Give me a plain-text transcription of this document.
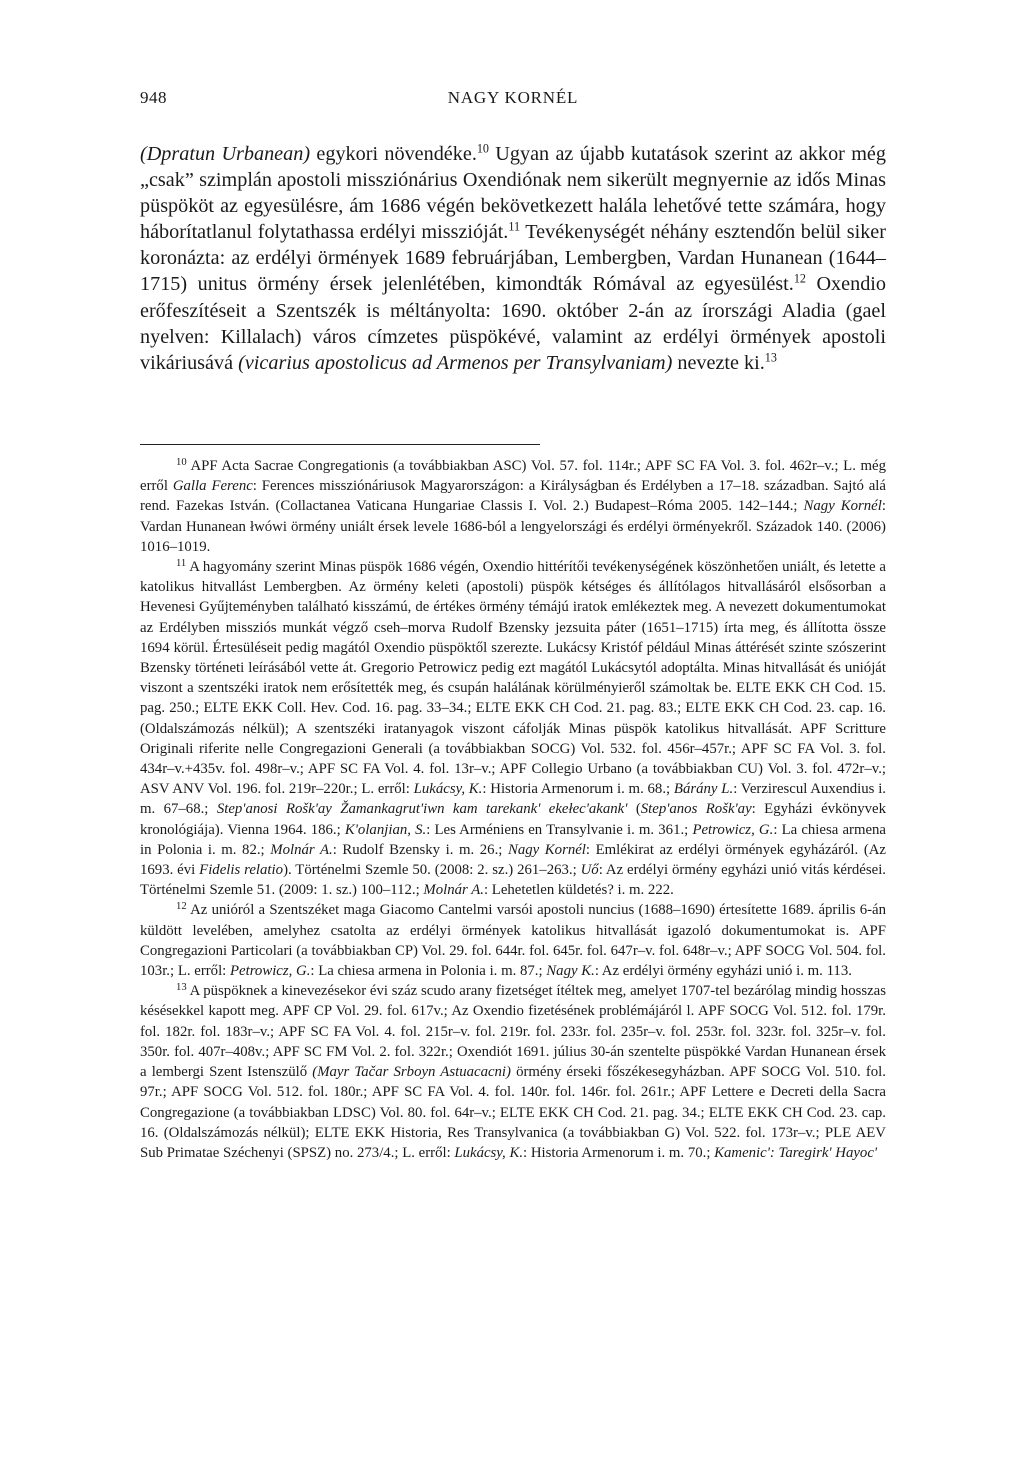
948	NAGY KORNÉL

(Dpratun Urbanean) egykori növendéke.$^{10}$ Ugyan az újabb kutatások szerint az akkor még „csak” szimplán apostoli missziónárius Oxendiónak nem sikerült megnyernie az idős Minas püspököt az egyesülésre, ám 1686 végén bekövetkezett halála lehetővé tette számára, hogy háborítatlanul folytathassa erdélyi misszióját.$^{11}$ Tevékenységét néhány esztendőn belül siker koronázta: az erdélyi örmények 1689 februárjában, Lembergben, Vardan Hunanean (1644–1715) unitus örmény érsek jelenlétében, kimondták Rómával az egyesülést.$^{12}$ Oxendio erőfeszítéseit a Szentszék is méltányolta: 1690. október 2-án az írországi Aladia (gael nyelven: Killalach) város címzetes püspökévé, valamint az erdélyi örmények apostoli vikáriusává (vicarius apostolicus ad Armenos per Transylvaniam) nevezte ki.$^{13}$

$^{10}$ APF Acta Sacrae Congregationis (a továbbiakban ASC) Vol. 57. fol. 114r.; APF SC FA Vol. 3. fol. 462r–v.; L. még erről Galla Ferenc: Ferences missziónáriusok Magyarországon: a Királyságban és Erdélyben a 17–18. században. Sajtó alá rend. Fazekas István. (Collactanea Vaticana Hungariae Classis I. Vol. 2.) Budapest–Róma 2005. 142–144.; Nagy Kornél: Vardan Hunanean łwówi örmény uniált érsek levele 1686-ból a lengyelországi és erdélyi örményekről. Századok 140. (2006) 1016–1019.

$^{11}$ A hagyomány szerint Minas püspök 1686 végén, Oxendio hittérítői tevékenységének köszönhetően uniált, és letette a katolikus hitvallást Lembergben. Az örmény keleti (apostoli) püspök kétséges és állítólagos hitvallásáról elsősorban a Hevenesi Gyűjteményben található kisszámú, de értékes örmény témájú iratok emlékeztek meg. A nevezett dokumentumokat az Erdélyben missziós munkát végző cseh–morva Rudolf Bzensky jezsuita páter (1651–1715) írta meg, és állította össze 1694 körül. Értesüléseit pedig magától Oxendio püspöktől szerezte. Lukácsy Kristóf például Minas áttérését szinte szószerint Bzensky történeti leírásából vette át. Gregorio Petrowicz pedig ezt magától Lukácsytól adoptálta. Minas hitvallását és unióját viszont a szentszéki iratok nem erősítették meg, és csupán halálának körülményieről számoltak be. ELTE EKK CH Cod. 15. pag. 250.; ELTE EKK Coll. Hev. Cod. 16. pag. 33–34.; ELTE EKK CH Cod. 21. pag. 83.; ELTE EKK CH Cod. 23. cap. 16. (Oldalszámozás nélkül); A szentszéki iratanyagok viszont cáfolják Minas püspök katolikus hitvallását. APF Scritture Originali riferite nelle Congregazioni Generali (a továbbiakban SOCG) Vol. 532. fol. 456r–457r.; APF SC FA Vol. 3. fol. 434r–v.+435v. fol. 498r–v.; APF SC FA Vol. 4. fol. 13r–v.; APF Collegio Urbano (a továbbiakban CU) Vol. 3. fol. 472r–v.; ASV ANV Vol. 196. fol. 219r–220r.; L. erről: Lukácsy, K.: Historia Armenorum i. m. 68.; Bárány L.: Verzirescul Auxendius i. m. 67–68.; Step'anosi Rošk'ay Žamankagrut'iwn kam tarekank' ekełec'akank' (Step'anos Rošk'ay: Egyházi évkönyvek kronológiája). Vienna 1964. 186.; K'olanjian, S.: Les Arméniens en Transylvanie i. m. 361.; Petrowicz, G.: La chiesa armena in Polonia i. m. 82.; Molnár A.: Rudolf Bzensky i. m. 26.; Nagy Kornél: Emlékirat az erdélyi örmények egyházáról. (Az 1693. évi Fidelis relatio). Történelmi Szemle 50. (2008: 2. sz.) 261–263.; Uő: Az erdélyi örmény egyházi unió vitás kérdései. Történelmi Szemle 51. (2009: 1. sz.) 100–112.; Molnár A.: Lehetetlen küldetés? i. m. 222.

$^{12}$ Az unióról a Szentszéket maga Giacomo Cantelmi varsói apostoli nuncius (1688–1690) értesítette 1689. április 6-án küldött levelében, amelyhez csatolta az erdélyi örmények katolikus hitvallását igazoló dokumentumokat is. APF Congregazioni Particolari (a továbbiakban CP) Vol. 29. fol. 644r. fol. 645r. fol. 647r–v. fol. 648r–v.; APF SOCG Vol. 504. fol. 103r.; L. erről: Petrowicz, G.: La chiesa armena in Polonia i. m. 87.; Nagy K.: Az erdélyi örmény egyházi unió i. m. 113.

$^{13}$ A püspöknek a kinevezésekor évi száz scudo arany fizetséget ítéltek meg, amelyet 1707-tel bezárólag mindig hosszas késésekkel kapott meg. APF CP Vol. 29. fol. 617v.; Az Oxendio fizetésének problémájáról l. APF SOCG Vol. 512. fol. 179r. fol. 182r. fol. 183r–v.; APF SC FA Vol. 4. fol. 215r–v. fol. 219r. fol. 233r. fol. 235r–v. fol. 253r. fol. 323r. fol. 325r–v. fol. 350r. fol. 407r–408v.; APF SC FM Vol. 2. fol. 322r.; Oxendiót 1691. július 30-án szentelte püspökké Vardan Hunanean érsek a lembergi Szent Istenszülő (Mayr Tačar Srboyn Astuacacni) örmény érseki főszékesegyházban. APF SOCG Vol. 510. fol. 97r.; APF SOCG Vol. 512. fol. 180r.; APF SC FA Vol. 4. fol. 140r. fol. 146r. fol. 261r.; APF Lettere e Decreti della Sacra Congregazione (a továbbiakban LDSC) Vol. 80. fol. 64r–v.; ELTE EKK CH Cod. 21. pag. 34.; ELTE EKK CH Cod. 23. cap. 16. (Oldalszámozás nélkül); ELTE EKK Historia, Res Transylvanica (a továbbiakban G) Vol. 522. fol. 173r–v.; PLE AEV Sub Primatae Széchenyi (SPSZ) no. 273/4.; L. erről: Lukácsy, K.: Historia Armenorum i. m. 70.; Kamenic': Taregirk' Hayoc'
